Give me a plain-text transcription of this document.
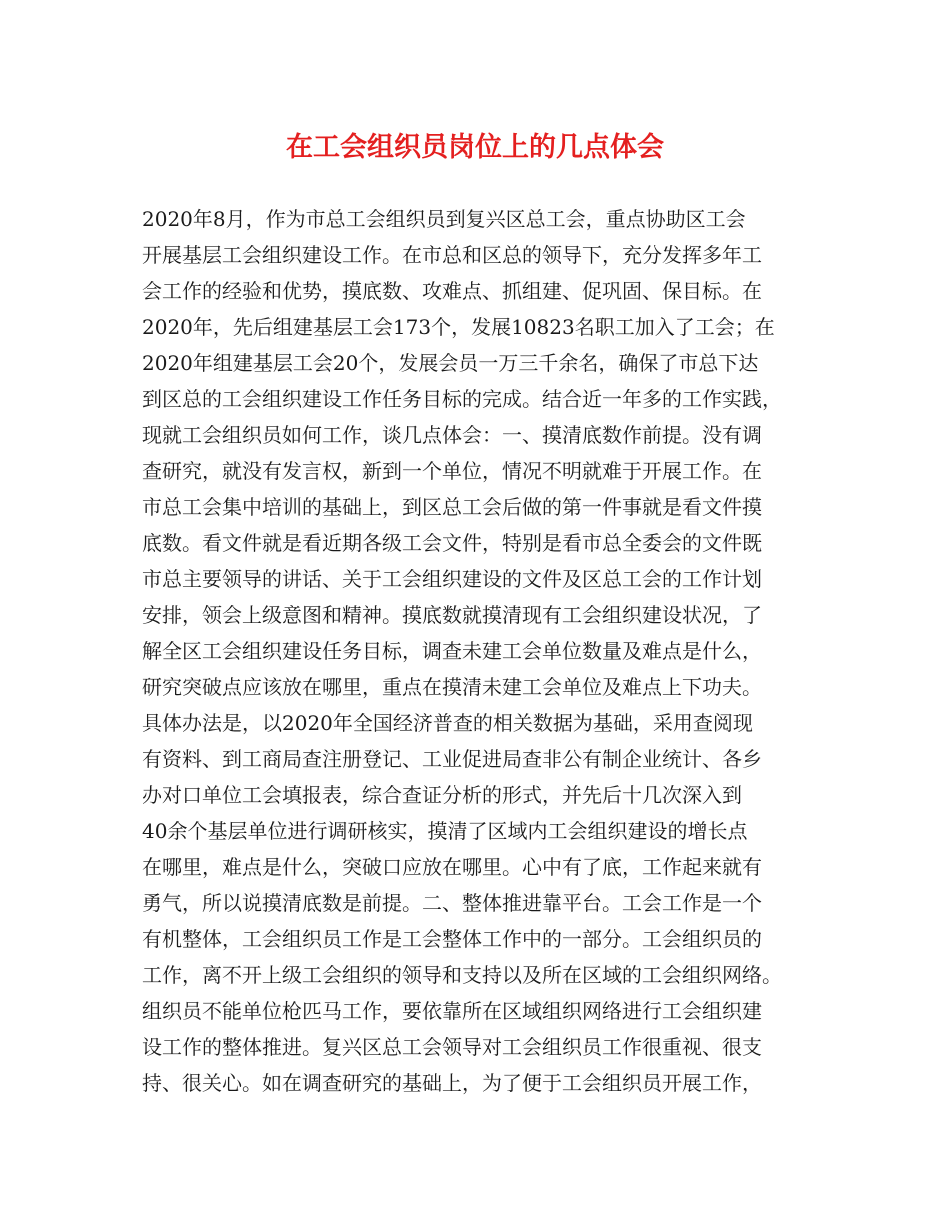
在工会组织员岗位上的几点体会

2020年8月，作为市总工会组织员到复兴区总工会，重点协助区工会

开展基层工会组织建设工作。在市总和区总的领导下，充分发挥多年工

会工作的经验和优势，摸底数、攻难点、抓组建、促巩固、保目标。在

2020年，先后组建基层工会173个，发展10823名职工加入了工会；在

2020年组建基层工会20个，发展会员一万三千余名，确保了市总下达

到区总的工会组织建设工作任务目标的完成。结合近一年多的工作实践，

现就工会组织员如何工作，谈几点体会：一、摸清底数作前提。没有调

查研究，就没有发言权，新到一个单位，情况不明就难于开展工作。在

市总工会集中培训的基础上，到区总工会后做的第一件事就是看文件摸

底数。看文件就是看近期各级工会文件，特别是看市总全委会的文件既

市总主要领导的讲话、关于工会组织建设的文件及区总工会的工作计划

安排，领会上级意图和精神。摸底数就摸清现有工会组织建设状况，了

解全区工会组织建设任务目标，调查未建工会单位数量及难点是什么，

研究突破点应该放在哪里，重点在摸清未建工会单位及难点上下功夫。

具体办法是，以2020年全国经济普查的相关数据为基础，采用查阅现

有资料、到工商局查注册登记、工业促进局查非公有制企业统计、各乡

办对口单位工会填报表，综合查证分析的形式，并先后十几次深入到

40余个基层单位进行调研核实，摸清了区域内工会组织建设的增长点

在哪里，难点是什么，突破口应放在哪里。心中有了底，工作起来就有

勇气，所以说摸清底数是前提。二、整体推进靠平台。工会工作是一个

有机整体，工会组织员工作是工会整体工作中的一部分。工会组织员的

工作，离不开上级工会组织的领导和支持以及所在区域的工会组织网络。

组织员不能单位枪匹马工作，要依靠所在区域组织网络进行工会组织建

设工作的整体推进。复兴区总工会领导对工会组织员工作很重视、很支

持、很关心。如在调查研究的基础上，为了便于工会组织员开展工作，
